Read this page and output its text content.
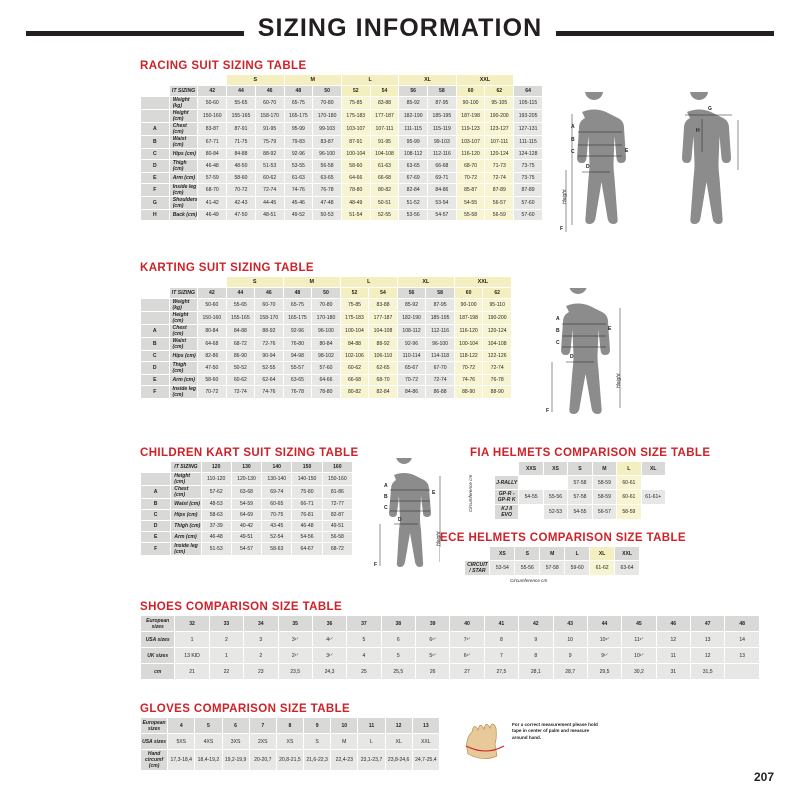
SIZING INFORMATION
RACING SUIT SIZING TABLE
			S		M		L		XL		XXL		
	IT SIZING	42	44	46	48	50	52	54	56	58	60	62	64
	Weight (kg)	50-60	55-65	60-70	65-75	70-80	75-85	83-88	85-92	87-95	90-100	95-105	105-115
	Height (cm)	150-160	155-165	158-170	165-175	170-180	175-183	177-187	182-190	185-195	187-198	190-200	193-205
A	Chest (cm)	83-87	87-91	91-95	95-99	99-103	103-107	107-111	111-115	115-119	119-123	123-127	127-131
B	Waist (cm)	67-71	71-75	75-79	79-83	83-87	87-91	91-95	95-99	99-103	103-107	107-111	111-115
C	Hips (cm)	80-84	84-88	88-92	92-96	96-100	100-104	104-108	108-112	112-116	116-120	120-124	124-128
D	Thigh (cm)	46-48	48-50	51-53	53-55	56-58	58-60	61-63	63-65	66-68	68-70	71-73	73-75
E	Arm (cm)	57-59	58-60	60-62	61-63	63-65	64-66	66-68	67-69	69-71	70-72	72-74	73-75
F	Inside leg (cm)	68-70	70-72	72-74	74-76	76-78	78-80	80-82	82-84	84-86	85-87	87-89	87-89
G	Shoulders (cm)	41-42	42-43	44-45	45-46	47-48	48-49	50-51	51-52	53-54	54-55	56-57	57-60
H	Back (cm)	46-49	47-50	48-51	49-52	50-53	51-54	52-55	53-56	54-57	55-58	56-59	57-60
A
B
C
D
E
F
G
H
Height
KARTING SUIT SIZING TABLE
			S		M		L		XL		XXL	
	IT SIZING	42	44	46	48	50	52	54	56	58	60	62
	Weight (kg)	50-60	55-65	60-70	65-75	70-80	75-85	83-88	85-92	87-95	90-100	95-110
	Height (cm)	150-160	155-165	158-170	165-175	170-180	175-183	177-187	182-190	185-195	187-198	190-200
A	Chest (cm)	80-84	84-88	88-92	92-96	96-100	100-104	104-108	108-112	112-116	116-120	120-124
B	Waist (cm)	64-68	68-72	72-76	76-80	80-84	84-88	88-92	92-96	96-100	100-104	104-108
C	Hips (cm)	82-86	86-90	90-94	94-98	98-102	102-106	106-110	110-114	114-118	118-122	122-126
D	Thigh (cm)	47-50	50-52	52-55	55-57	57-60	60-62	62-65	65-67	67-70	70-72	72-74
E	Arm (cm)	58-60	60-62	62-64	63-65	64-66	66-68	68-70	70-72	72-74	74-76	76-78
F	Inside leg (cm)	70-72	72-74	74-76	76-78	78-80	80-82	82-84	84-86	86-88	88-90	88-90
A
B
C
D
E
F
Height
CHILDREN KART SUIT SIZING TABLE
	IT SIZING	120	130	140	150	160
	Height (cm)	110-120	120-130	130-140	140-150	150-160
A	Chest (cm)	57-62	63-68	69-74	75-80	81-86
B	Waist (cm)	48-53	54-59	60-65	66-71	72-77
C	Hips (cm)	58-63	64-69	70-75	76-81	82-87
D	Thigh (cm)	37-39	40-42	43-45	46-48	49-51
E	Arm (cm)	46-48	49-51	52-54	54-56	56-58
F	Inside leg (cm)	51-53	54-57	58-63	64-67	68-72
A
B
C
D
E
F
Height
FIA HELMETS COMPARISON SIZE TABLE
		XXS	XS	S	M	L	XL
	J-RALLY			57-58	58-59	60-61	
	GP-R - GP-R K	54-55	55-56	57-58	58-59	60-61	61-61+
	KJ II EVO		52-53	54-55	56-57	58-59	
Circumference cm
ECE HELMETS COMPARISON SIZE TABLE
		XS	S	M	L	XL	XXL
	CIRCUIT / STAR	53-54	55-56	57-58	59-60	61-62	63-64
Circumference cm
SHOES COMPARISON SIZE TABLE
European sizes	32	33	34	35	36	37	38	39	40	41	42	43	44	45	46	47	48
USA sizes	1	2	3	3¹ᐟ	4¹ᐟ	5	6	6¹ᐟ	7¹ᐟ	8	9	10	10¹ᐟ	11¹ᐟ	12	13	14
UK sizes	13 KID	1	2	2¹ᐟ	3¹ᐟ	4	5	5¹ᐟ	6¹ᐟ	7	8	9	9¹ᐟ	10¹ᐟ	11	12	13
cm	21	22	23	23,5	24,3	25	25,5	26	27	27,5	28,1	28,7	29,5	30,2	31	31,5	
GLOVES COMPARISON SIZE TABLE
European sizes	4	5	6	7	8	9	10	11	12	13
USA sizes	5XS	4XS	3XS	2XS	XS	S	M	L	XL	XXL
Hand circumf (cm)	17,3-18,4	18,4-19,2	19,2-19,9	20-20,7	20,8-21,5	21,6-22,3	22,4-23	23,1-23,7	23,8-24,6	24,7-25,4
For a correct measurement please hold tape in center of palm and measure around hand.
207
